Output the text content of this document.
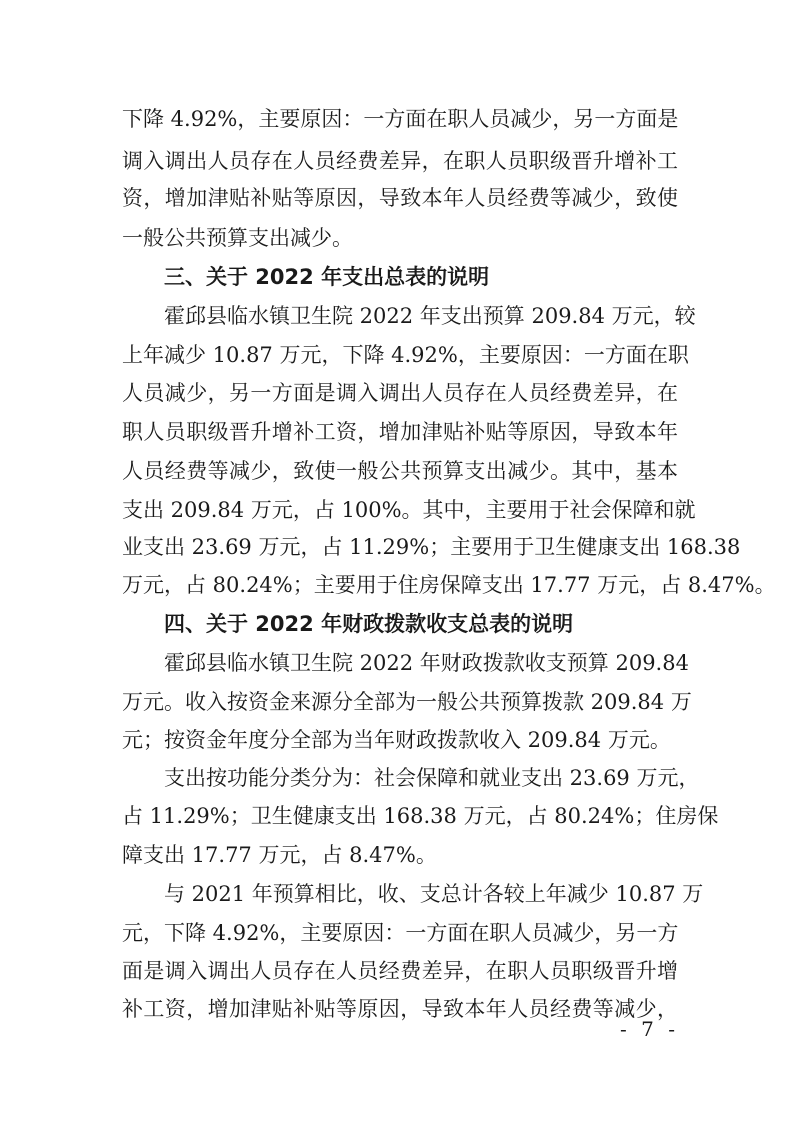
下降 4.92%，主要原因：一方面在职人员减少，另一方面是
调入调出人员存在人员经费差异，在职人员职级晋升增补工
资，增加津贴补贴等原因，导致本年人员经费等减少，致使
一般公共预算支出减少。
三、关于 2022 年支出总表的说明
霍邱县临水镇卫生院 2022 年支出预算 209.84 万元，较
上年减少 10.87 万元，下降 4.92%，主要原因：一方面在职
人员减少，另一方面是调入调出人员存在人员经费差异，在
职人员职级晋升增补工资，增加津贴补贴等原因，导致本年
人员经费等减少，致使一般公共预算支出减少。其中，基本
支出 209.84 万元，占 100%。其中，主要用于社会保障和就
业支出 23.69 万元，占 11.29%；主要用于卫生健康支出 168.38
万元，占 80.24%；主要用于住房保障支出 17.77 万元，占 8.47%。
四、关于 2022 年财政拨款收支总表的说明
霍邱县临水镇卫生院 2022 年财政拨款收支预算 209.84
万元。收入按资金来源分全部为一般公共预算拨款 209.84 万
元；按资金年度分全部为当年财政拨款收入 209.84 万元。
支出按功能分类分为：社会保障和就业支出 23.69 万元，
占 11.29%；卫生健康支出 168.38 万元，占 80.24%；住房保
障支出 17.77 万元，占 8.47%。
与 2021 年预算相比，收、支总计各较上年减少 10.87 万
元，下降 4.92%，主要原因：一方面在职人员减少，另一方
面是调入调出人员存在人员经费差异，在职人员职级晋升增
补工资，增加津贴补贴等原因，导致本年人员经费等减少，
- 7 -
